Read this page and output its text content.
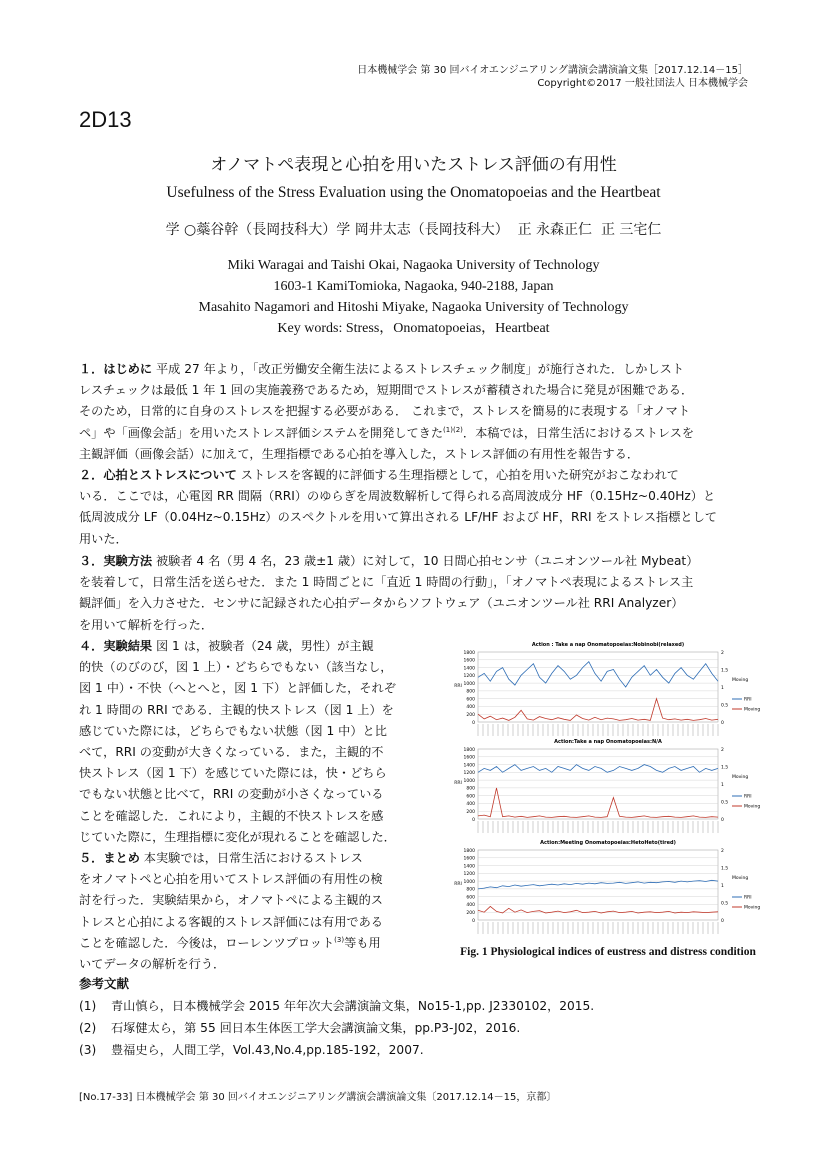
日本機械学会 第 30 回バイオエンジニアリング講演会講演論文集［2017.12.14－15］
Copyright©2017 一般社団法人 日本機械学会
2D13
オノマトペ表現と心拍を用いたストレス評価の有用性
Usefulness of the Stress Evaluation using the Onomatopoeias and the Heartbeat
学 ○蘂谷幹（長岡技科大）学 岡井太志（長岡技科大）  正 永森正仁  正 三宅仁
Miki Waragai and Taishi Okai, Nagaoka University of Technology
1603-1 KamiTomioka, Nagaoka, 940-2188, Japan
Masahito Nagamori and Hitoshi Miyake, Nagaoka University of Technology
Key words: Stress，Onomatopoeias，Heartbeat
１．はじめに 平成 27 年より，「改正労働安全衛生法によるストレスチェック制度」が施行された．しかしスト
レスチェックは最低 1 年 1 回の実施義務であるため，短期間でストレスが蓄積された場合に発見が困難である．
そのため，日常的に自身のストレスを把握する必要がある． これまで，ストレスを簡易的に表現する「オノマト
ペ」や「画像会話」を用いたストレス評価システムを開発してきた$^{(1)(2)}$．本稿では，日常生活におけるストレスを
主観評価（画像会話）に加えて，生理指標である心拍を導入した，ストレス評価の有用性を報告する．
２．心拍とストレスについて ストレスを客観的に評価する生理指標として，心拍を用いた研究がおこなわれて
いる．ここでは，心電図 RR 間隔（RRI）のゆらぎを周波数解析して得られる高周波成分 HF（0.15Hz~0.40Hz）と
低周波成分 LF（0.04Hz~0.15Hz）のスペクトルを用いて算出される LF/HF および HF，RRI をストレス指標として
用いた．
３．実験方法 被験者 4 名（男 4 名，23 歳±1 歳）に対して，10 日間心拍センサ（ユニオンツール社 Mybeat）
を装着して，日常生活を送らせた．また 1 時間ごとに「直近 1 時間の行動」，「オノマトペ表現によるストレス主
観評価」を入力させた．センサに記録された心拍データからソフトウェア（ユニオンツール社 RRI Analyzer）
を用いて解析を行った．
４．実験結果 図 1 は，被験者（24 歳，男性）が主観
的快（のびのび，図 1 上）・どちらでもない（該当なし，
図 1 中）・不快（へとへと，図 1 下）と評価した，それぞ
れ 1 時間の RRI である．主観的快ストレス（図 1 上）を
感じていた際には，どちらでもない状態（図 1 中）と比
べて，RRI の変動が大きくなっている．また，主観的不
快ストレス（図 1 下）を感じていた際には，快・どちら
でもない状態と比べて，RRI の変動が小さくなっている
ことを確認した．これにより，主観的不快ストレスを感
じていた際に，生理指標に変化が現れることを確認した．
５．まとめ 本実験では，日常生活におけるストレス
をオノマトペと心拍を用いてストレス評価の有用性の検
討を行った．実験結果から，オノマトペによる主観的ス
トレスと心拍による客観的ストレス評価には有用である
ことを確認した．今後は，ローレンツプロット$^{(3)}$等も用
いてデータの解析を行う．
Action : Take a nap Onomatopoeias:Nobinobi(relaxed)
1800
1600
1400
1200
1000
800
600
400
200
0
2
1.5
1
0.5
0
RRI
Moving
RRI
Moving
Action:Take a nap Onomatopoeias:N/A
1800
1600
1400
1200
1000
800
600
400
200
0
2
1.5
1
0.5
0
RRI
Moving
RRI
Moving
Action:Meeting Onomatopoeias:HetoHeto(tired)
1800
1600
1400
1200
1000
800
600
400
200
0
2
1.5
1
0.5
0
RRI
Moving
RRI
Moving
Fig. 1 Physiological indices of eustress and distress condition
参考文献
(1) 青山慎ら，日本機械学会 2015 年年次大会講演論文集，No15-1,pp. J2330102，2015.
(2) 石塚健太ら，第 55 回日本生体医工学大会講演論文集，pp.P3-J02，2016.
(3) 豊福史ら，人間工学，Vol.43,No.4,pp.185-192，2007.
[No.17-33] 日本機械学会 第 30 回バイオエンジニアリング講演会講演論文集〔2017.12.14－15，京都〕
